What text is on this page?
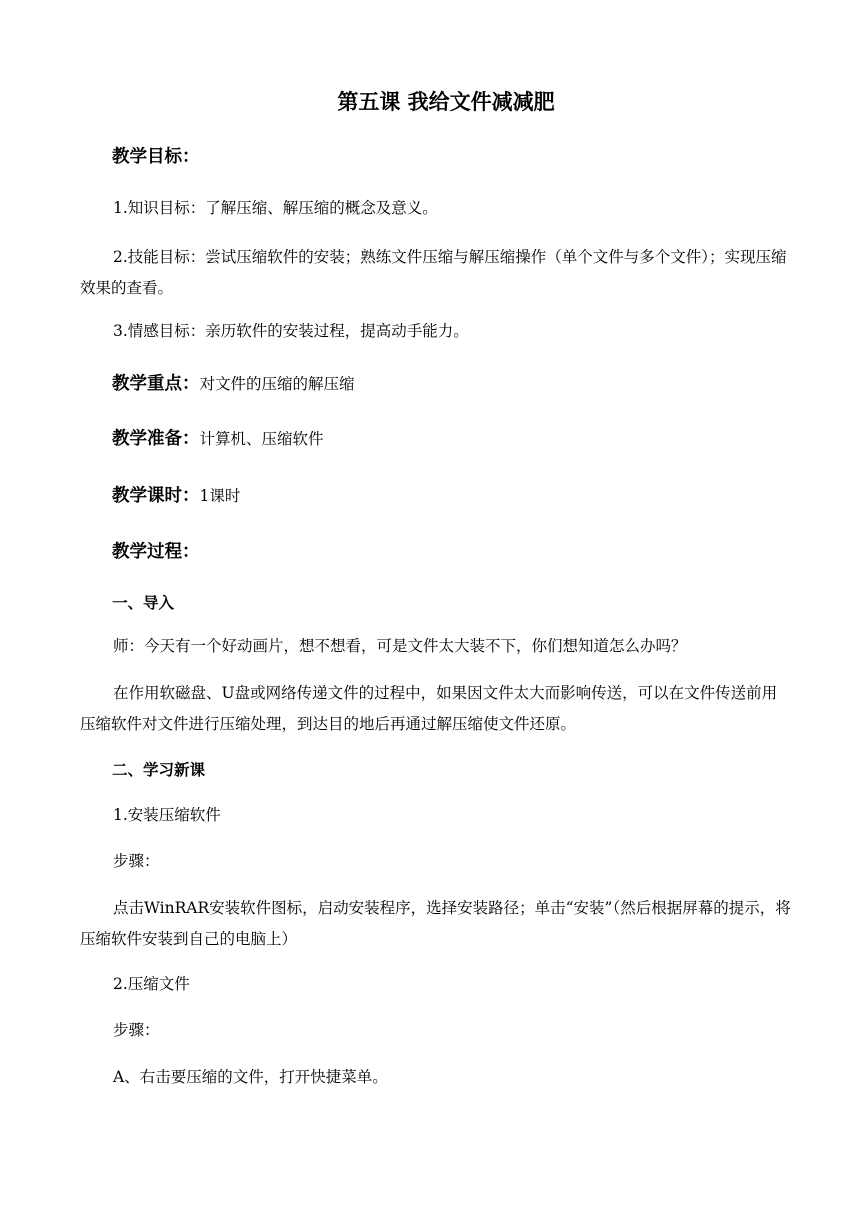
第五课 我给文件减减肥

教学目标：

1.知识目标：了解压缩、解压缩的概念及意义。

2.技能目标：尝试压缩软件的安装；熟练文件压缩与解压缩操作（单个文件与多个文件）；实现压缩效果的查看。

3.情感目标：亲历软件的安装过程，提高动手能力。

教学重点：对文件的压缩的解压缩

教学准备：计算机、压缩软件

教学课时：1课时

教学过程：

一、导入

师：今天有一个好动画片，想不想看，可是文件太大装不下，你们想知道怎么办吗？

在作用软磁盘、U盘或网络传递文件的过程中，如果因文件太大而影响传送，可以在文件传送前用压缩软件对文件进行压缩处理，到达目的地后再通过解压缩使文件还原。

二、学习新课

1.安装压缩软件

步骤：

点击WinRAR安装软件图标，启动安装程序，选择安装路径；单击“安装”（然后根据屏幕的提示，将压缩软件安装到自己的电脑上）

2.压缩文件

步骤：

A、右击要压缩的文件，打开快捷菜单。
